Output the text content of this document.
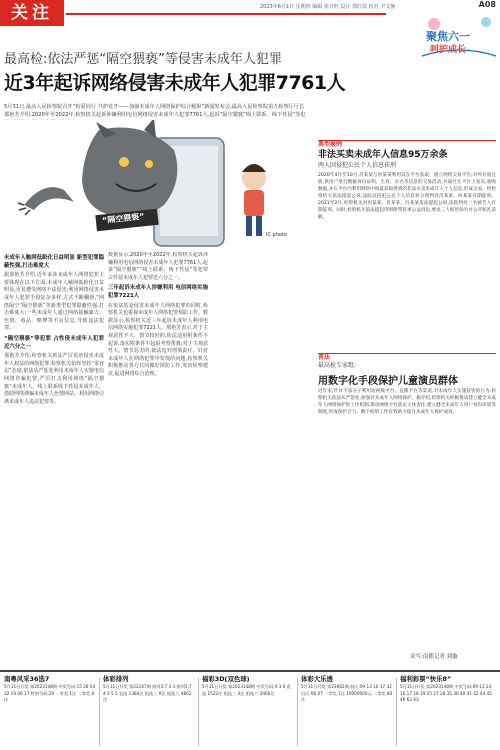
关注	2023年6月1日 星期四 编辑 张百旺 设计 郭红霞 校对 尹文静	A08
聚焦六一
呵护成长
最高检:依法严惩“隔空猥亵”等侵害未成年人犯罪
近3年起诉网络侵害未成年人犯罪7761人
5月31日,最高人民检察院召开“检爱同行 共护花开——加强未成年人网络保护综合履职”新闻发布会,最高人民检察院第九检察厅厅长那艳芳介绍,2020年至2022年,检察机关起诉涉嫌利用电信网络侵害未成年人犯罪7761人,起诉“隔空猥亵”线上联系、线下性侵”等犯
“隔空猥亵”
IC photo
未成年人触网低龄化日益明显 新型犯罪隐蔽性强,打击难度大
据那艳芳介绍,近年来涉未成年人网络犯罪主要体现在以下方面:未成年人触网低龄化日益明显,更易遭受网络不法侵害;利用网络侵害未成年人犯罪手段复杂多样,方式不断翻新,“网络隔空“隔空猥亵”等新类型犯罪隐蔽性强,打击难度大;一些未成年人通过网络接触暴力、色情、毒品、赌博等不良信息,导致违法犯罪。
“隔空猥亵”等犯罪 占性侵未成年人犯罪近六分之一
那艳芳介绍,检察机关依法严厉惩治侵害未成年人权益的网络犯罪,检察机关始终坚持“零容忍”态度,依法从严惩处利用未成年人实施电信网络诈骗犯罪,严厉打击利用网络“隔空猥亵”未成年人、线上联系线下性侵未成年人、借助网络诱骗未成年人色情网站、利用网络引诱未成年人违法犯罪等。
数据显示,2020年至2022年,检察机关起诉涉嫌利用电信网络侵害未成年人犯罪7761人,起诉“隔空猥亵”“线上联系、线下性侵”等犯罪占性侵未成年人犯罪近六分之一。
三年起诉未成年人涉嫌利用 电信网络实施犯罪7221人
在依法惩处侵害未成年人网络犯罪的同时,检察机关也重视未成年人网络犯罪预防工作。数据显示,检察机关近三年起诉未成年人利用电信网络实施犯罪7221人。那艳芳表示,对于主观恶性不大、情节较轻的,依法适用附条件不起诉,落实附条件不起诉考察帮教;对于主观恶性大、情节恶劣的,依法追究刑事责任。针对未成年人在网络犯罪中发现的问题,检察机关积极推动各方共同做好预防工作,发出检察建议,促进网络综合治理。
典型案例
非法买卖未成年人信息95万余条
两人因侵犯公民个人信息获刑
2020年4月至10月,肖某某与何某某利用其在平台获取、建立网络交易平台,对外开放注册,供用户进行数据身份证明、生育、实名等信息的交易活动,并通过在平台上发布,收购数据,并在平台内利用网络中海量获取得到的非法买卖未成年人个人信息,形成交易。经检察机关依法提起公诉,法院以侵犯公民个人信息罪分别判处肖某某、何某某有期徒刑。2021年2月,检察机关对何某某、肖某某、冯某某依法提起公诉,法院判处三名被告人有期徒刑。同时,检察机关依法提起刑事附带民事公益诉讼,要求三人赔偿损失并公开赔礼道歉。
普法
最高检专家组:
用数字化手段保护儿童演员群体
近年来,针对不法分子利用短视频平台、直播平台等渠道,对未成年人实施侵害的行为,检察机关依法从严惩处,加强对未成年人网络保护。据介绍,检察机关积极推动建立健全未成年人网络保护的工作机制,推动网络平台落实主体责任,建立健全未成年人用户身份识别等制度,形成保护合力。数字检察工作有效助力提升未成年人保护成效。
采写:南都记者 刘璇
南粤风采36选7
5月31日开奖 第2023148期 中奖号码:15 28 04 32 19 06 17 特别号码:29 一等奖 1注 二等奖 8注
体彩排列
5月31日开奖 第23147期 排列3:7 4 3 排列5:7 4 3 5 5 直选 1384注 组选三 0注 组选六 4862注
福彩3D(双色球)
5月31日开奖 第2023148期 中奖号码:4 3 0 直选 1522注 组选三 0注 组选六 3460注
体彩大乐透
5月31日开奖 第23062期 前区:09 13 16 17 32 后区:06 07 一等奖 1注 10000000元 二等奖 80注
福利彩票“快乐8”
5月31日开奖 第2023148期 中奖号码:09 13 14 16 17 18 19 25 27 28 35 36 40 41 42 44 45 46 62 63
